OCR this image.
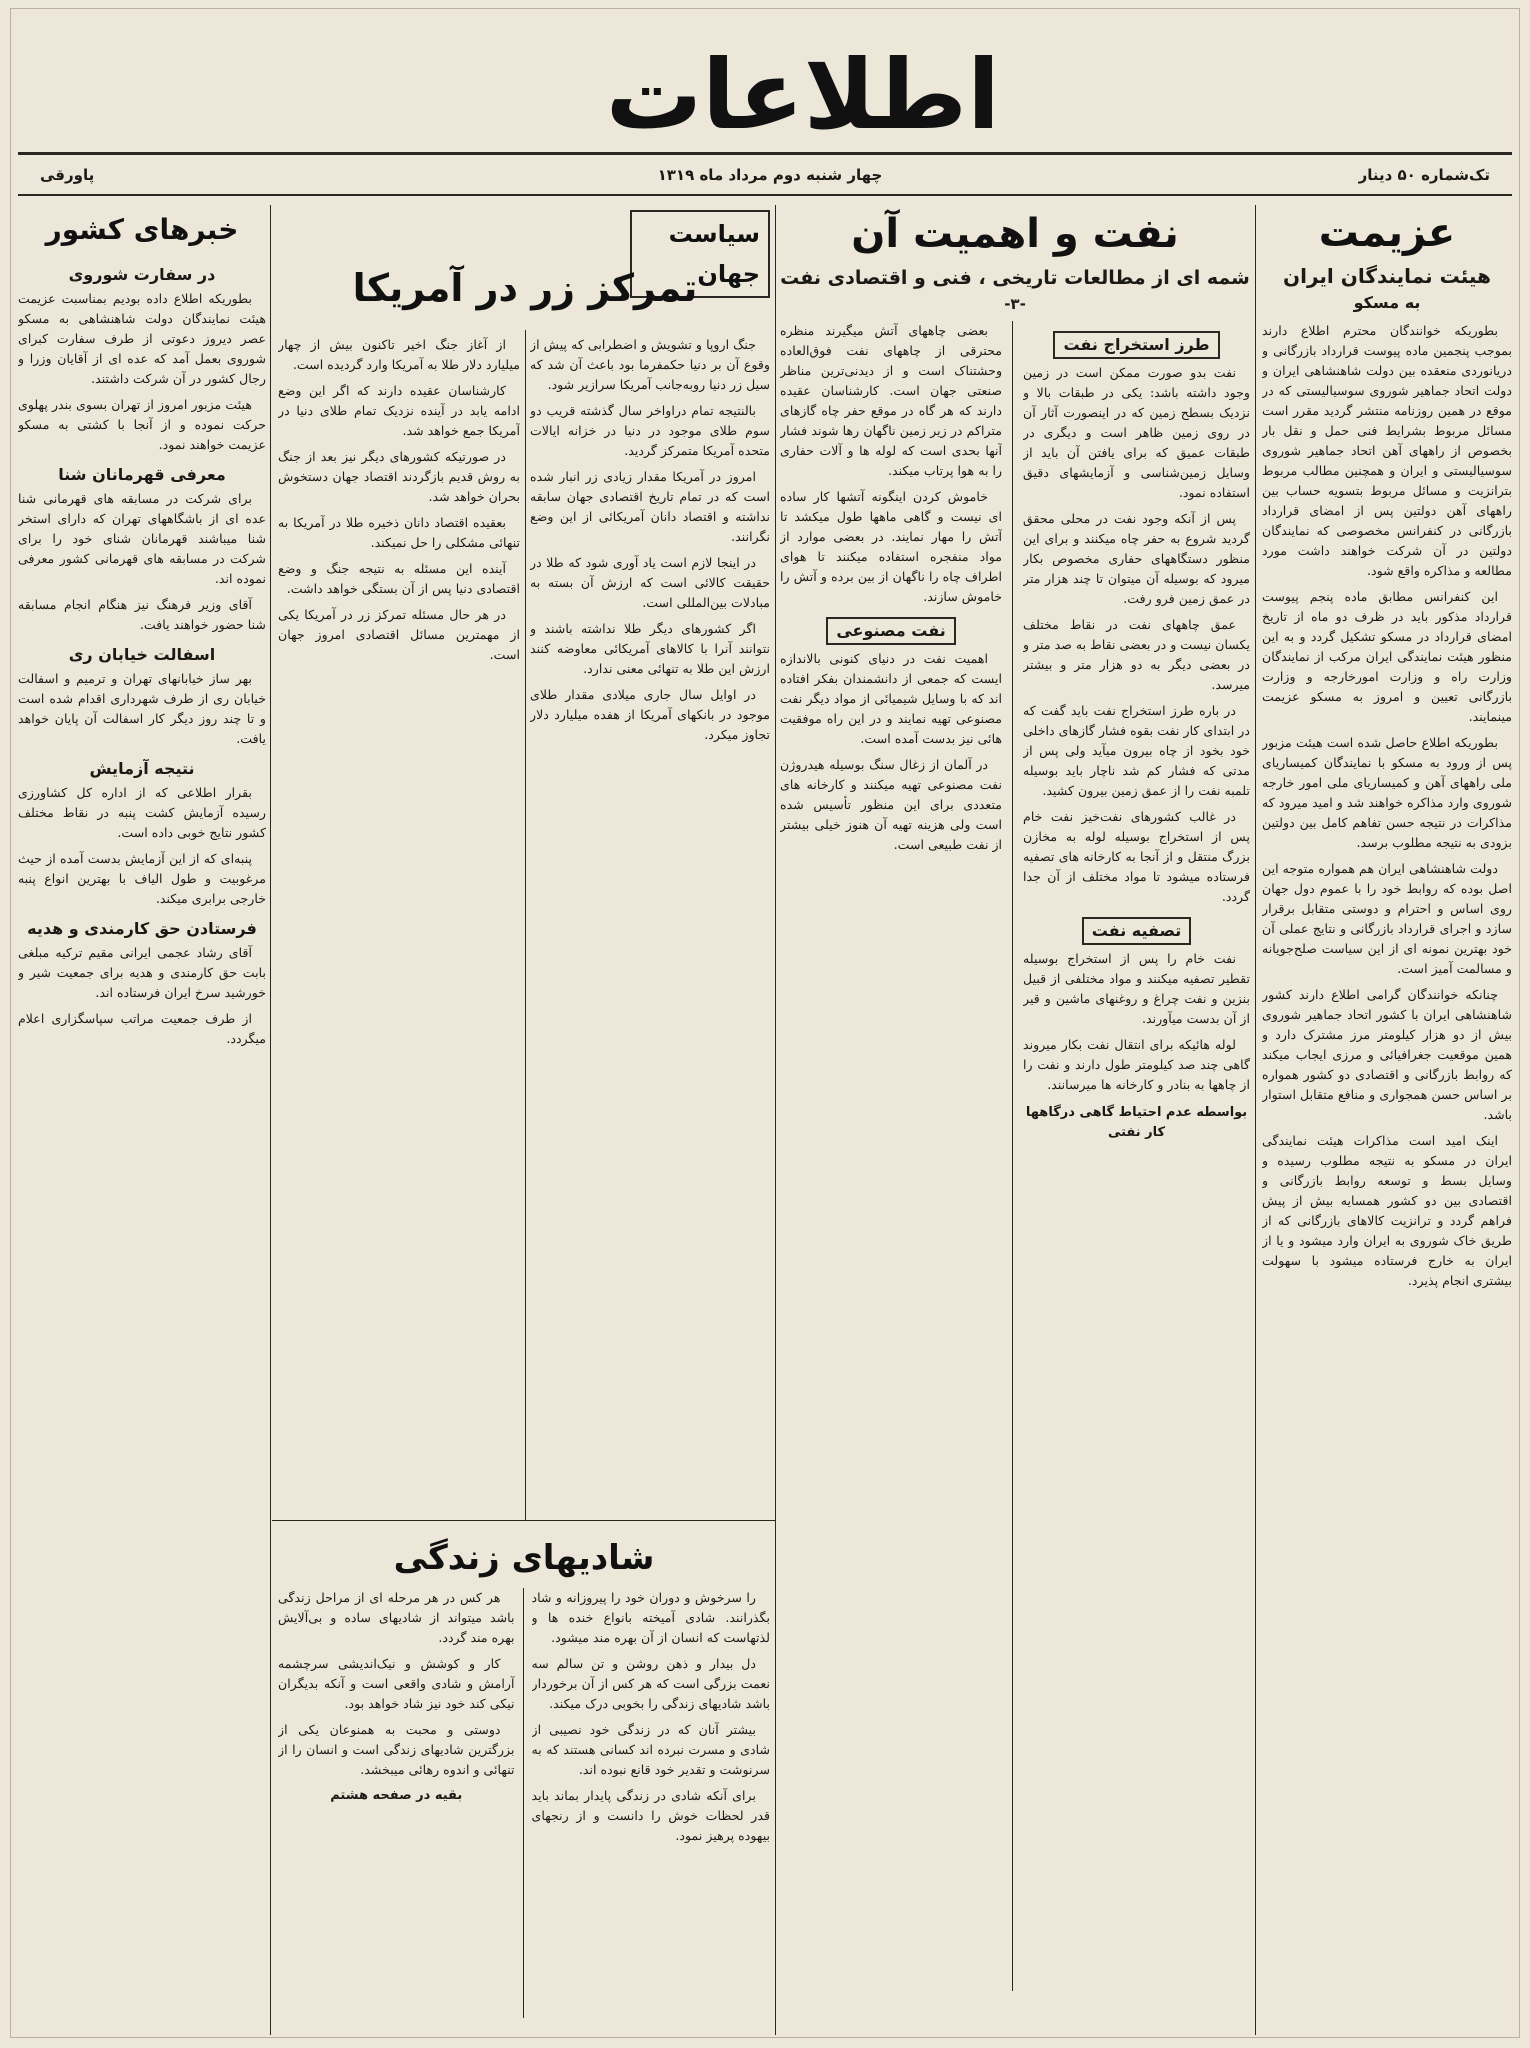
اطلاعات
پاورقی	چهار شنبه دوم مرداد ماه ۱۳۱۹	تک‌شماره ۵۰ دینار
عزیمت
هیئت نمایندگان ایران
به مسکو

بطوریکه خوانندگان محترم اطلاع دارند بموجب پنجمین ماده پیوست قرارداد بازرگانی و دریانوردی منعقده بین دولت شاهنشاهی ایران و دولت اتحاد جماهیر شوروی سوسیالیستی که در موقع در همین روزنامه منتشر گردید مقرر است مسائل مربوط بشرایط فنی حمل و نقل بار بخصوص از راههای آهن اتحاد جماهیر شوروی سوسیالیستی و ایران و همچنین مطالب مربوط بترانزیت و مسائل مربوط بتسویه حساب بین راههای آهن دولتین پس از امضای قرارداد بازرگانی در کنفرانس مخصوصی که نمایندگان دولتین در آن شرکت خواهند داشت مورد مطالعه و مذاکره واقع شود.

این کنفرانس مطابق ماده پنجم پیوست قرارداد مذکور باید در ظرف دو ماه از تاریخ امضای قرارداد در مسکو تشکیل گردد و به این منظور هیئت نمایندگی ایران مرکب از نمایندگان وزارت راه و وزارت امورخارجه و وزارت بازرگانی تعیین و امروز به مسکو عزیمت مینمایند.

بطوریکه اطلاع حاصل شده است هیئت مزبور پس از ورود به مسکو با نمایندگان کمیساریای ملی راههای آهن و کمیساریای ملی امور خارجه شوروی وارد مذاکره خواهند شد و امید میرود که مذاکرات در نتیجه حسن تفاهم کامل بین دولتین بزودی به نتیجه مطلوب برسد.

دولت شاهنشاهی ایران هم همواره متوجه این اصل بوده که روابط خود را با عموم دول جهان روی اساس و احترام و دوستی متقابل برقرار سازد و اجرای قرارداد بازرگانی و نتایج عملی آن خود بهترین نمونه ای از این سیاست صلح‌جویانه و مسالمت آمیز است.

چنانکه خوانندگان گرامی اطلاع دارند کشور شاهنشاهی ایران با کشور اتحاد جماهیر شوروی بیش از دو هزار کیلومتر مرز مشترک دارد و همین موقعیت جغرافیائی و مرزی ایجاب میکند که روابط بازرگانی و اقتصادی دو کشور همواره بر اساس حسن همجواری و منافع متقابل استوار باشد.

اینک امید است مذاکرات هیئت نمایندگی ایران در مسکو به نتیجه مطلوب رسیده و وسایل بسط و توسعه روابط بازرگانی و اقتصادی بین دو کشور همسایه بیش از پیش فراهم گردد و ترانزیت کالاهای بازرگانی که از طریق خاک شوروی به ایران وارد میشود و یا از ایران به خارج فرستاده میشود با سهولت بیشتری انجام پذیرد.

نفت و اهمیت آن
شمه ای از مطالعات تاریخی ، فنی و اقتصادی نفت
-۳-
طرز استخراج نفت

نفت بدو صورت ممکن است در زمین وجود داشته باشد: یکی در طبقات بالا و نزدیک بسطح زمین که در اینصورت آثار آن در روی زمین ظاهر است و دیگری در طبقات عمیق که برای یافتن آن باید از وسایل زمین‌شناسی و آزمایشهای دقیق استفاده نمود.

پس از آنکه وجود نفت در محلی محقق گردید شروع به حفر چاه میکنند و برای این منظور دستگاههای حفاری مخصوص بکار میرود که بوسیله آن میتوان تا چند هزار متر در عمق زمین فرو رفت.

عمق چاههای نفت در نقاط مختلف یکسان نیست و در بعضی نقاط به صد متر و در بعضی دیگر به دو هزار متر و بیشتر میرسد.

در باره طرز استخراج نفت باید گفت که در ابتدای کار نفت بقوه فشار گازهای داخلی خود بخود از چاه بیرون میآید ولی پس از مدتی که فشار کم شد ناچار باید بوسیله تلمبه نفت را از عمق زمین بیرون کشید.

در غالب کشورهای نفت‌خیز نفت خام پس از استخراج بوسیله لوله به مخازن بزرگ منتقل و از آنجا به کارخانه های تصفیه فرستاده میشود تا مواد مختلف از آن جدا گردد.

تصفیه نفت

نفت خام را پس از استخراج بوسیله تقطیر تصفیه میکنند و مواد مختلفی از قبیل بنزین و نفت چراغ و روغنهای ماشین و قیر از آن بدست میآورند.

لوله هائیکه برای انتقال نفت بکار میروند گاهی چند صد کیلومتر طول دارند و نفت را از چاهها به بنادر و کارخانه ها میرسانند.

بواسطه عدم احتیاط گاهی درگاهها کار نفتی

بعضی چاههای آتش میگیرند منظره محترقی از چاههای نفت فوق‌العاده وحشتناک است و از دیدنی‌ترین مناظر صنعتی جهان است. کارشناسان عقیده دارند که هر گاه در موقع حفر چاه گازهای متراکم در زیر زمین ناگهان رها شوند فشار آنها بحدی است که لوله ها و آلات حفاری را به هوا پرتاب میکند.

خاموش کردن اینگونه آتشها کار ساده ای نیست و گاهی ماهها طول میکشد تا آتش را مهار نمایند. در بعضی موارد از مواد منفجره استفاده میکنند تا هوای اطراف چاه را ناگهان از بین برده و آتش را خاموش سازند.

نفت مصنوعی

اهمیت نفت در دنیای کنونی بالاندازه ایست که جمعی از دانشمندان بفکر افتاده اند که با وسایل شیمیائی از مواد دیگر نفت مصنوعی تهیه نمایند و در این راه موفقیت هائی نیز بدست آمده است.

در آلمان از زغال سنگ بوسیله هیدروژن نفت مصنوعی تهیه میکنند و کارخانه های متعددی برای این منظور تأسیس شده است ولی هزینه تهیه آن هنوز خیلی بیشتر از نفت طبیعی است.

سیاست جهان
تمرکز زر در آمریکا

جنگ اروپا و تشویش و اضطرابی که پیش از وقوع آن بر دنیا حکمفرما بود باعث آن شد که سیل زر دنیا روبه‌جانب آمریکا سرازیر شود.

بالنتیجه تمام دراواخر سال گذشته قریب دو سوم طلای موجود در دنیا در خزانه ایالات متحده آمریکا متمرکز گردید.

امروز در آمریکا مقدار زیادی زر انبار شده است که در تمام تاریخ اقتصادی جهان سابقه نداشته و اقتصاد دانان آمریکائی از این وضع نگرانند.

در اینجا لازم است یاد آوری شود که طلا در حقیقت کالائی است که ارزش آن بسته به مبادلات بین‌المللی است.

اگر کشورهای دیگر طلا نداشته باشند و نتوانند آنرا با کالاهای آمریکائی معاوضه کنند ارزش این طلا به تنهائی معنی ندارد.

در اوایل سال جاری میلادی مقدار طلای موجود در بانکهای آمریکا از هفده میلیارد دلار تجاوز میکرد.

از آغاز جنگ اخیر تاکنون بیش از چهار میلیارد دلار طلا به آمریکا وارد گردیده است.

کارشناسان عقیده دارند که اگر این وضع ادامه یابد در آینده نزدیک تمام طلای دنیا در آمریکا جمع خواهد شد.

در صورتیکه کشورهای دیگر نیز بعد از جنگ به روش قدیم بازگردند اقتصاد جهان دستخوش بحران خواهد شد.

بعقیده اقتصاد دانان ذخیره طلا در آمریکا به تنهائی مشکلی را حل نمیکند.

آینده این مسئله به نتیجه جنگ و وضع اقتصادی دنیا پس از آن بستگی خواهد داشت.

در هر حال مسئله تمرکز زر در آمریکا یکی از مهمترین مسائل اقتصادی امروز جهان است.

شادیهای زندگی

را سرخوش و دوران خود را پیروزانه و شاد بگذرانند. شادی آمیخته بانواع خنده ها و لذتهاست که انسان از آن بهره مند میشود.

دل بیدار و ذهن روشن و تن سالم سه نعمت بزرگی است که هر کس از آن برخوردار باشد شادیهای زندگی را بخوبی درک میکند.

بیشتر آنان که در زندگی خود نصیبی از شادی و مسرت نبرده اند کسانی هستند که به سرنوشت و تقدیر خود قانع نبوده اند.

برای آنکه شادی در زندگی پایدار بماند باید قدر لحظات خوش را دانست و از رنجهای بیهوده پرهیز نمود.

هر کس در هر مرحله ای از مراحل زندگی باشد میتواند از شادیهای ساده و بی‌آلایش بهره مند گردد.

کار و کوشش و نیک‌اندیشی سرچشمه آرامش و شادی واقعی است و آنکه بدیگران نیکی کند خود نیز شاد خواهد بود.

دوستی و محبت به همنوعان یکی از بزرگترین شادیهای زندگی است و انسان را از تنهائی و اندوه رهائی میبخشد.

بقیه در صفحه هشتم
خبرهای کشور
در سفارت شوروی

بطوریکه اطلاع داده بودیم بمناسبت عزیمت هیئت نمایندگان دولت شاهنشاهی به مسکو عصر دیروز دعوتی از طرف سفارت کبرای شوروی بعمل آمد که عده ای از آقایان وزرا و رجال کشور در آن شرکت داشتند.

هیئت مزبور امروز از تهران بسوی بندر پهلوی حرکت نموده و از آنجا با کشتی به مسکو عزیمت خواهند نمود.

معرفی قهرمانان شنا

برای شرکت در مسابقه های قهرمانی شنا عده ای از باشگاههای تهران که دارای استخر شنا میباشند قهرمانان شنای خود را برای شرکت در مسابقه های قهرمانی کشور معرفی نموده اند.

آقای وزیر فرهنگ نیز هنگام انجام مسابقه شنا حضور خواهند یافت.

اسفالت خیابان ری

بهر ساز خیابانهای تهران و ترمیم و اسفالت خیابان ری از طرف شهرداری اقدام شده است و تا چند روز دیگر کار اسفالت آن پایان خواهد یافت.

نتیجه آزمایش

بقرار اطلاعی که از اداره کل کشاورزی رسیده آزمایش کشت پنبه در نقاط مختلف کشور نتایج خوبی داده است.

پنبه‌ای که از این آزمایش بدست آمده از حیث مرغوبیت و طول الیاف با بهترین انواع پنبه خارجی برابری میکند.

فرستادن حق کارمندی و هدیه

آقای رشاد عجمی ایرانی مقیم ترکیه مبلغی بابت حق کارمندی و هدیه برای جمعیت شیر و خورشید سرخ ایران فرستاده اند.

از طرف جمعیت مراتب سپاسگزاری اعلام میگردد.
